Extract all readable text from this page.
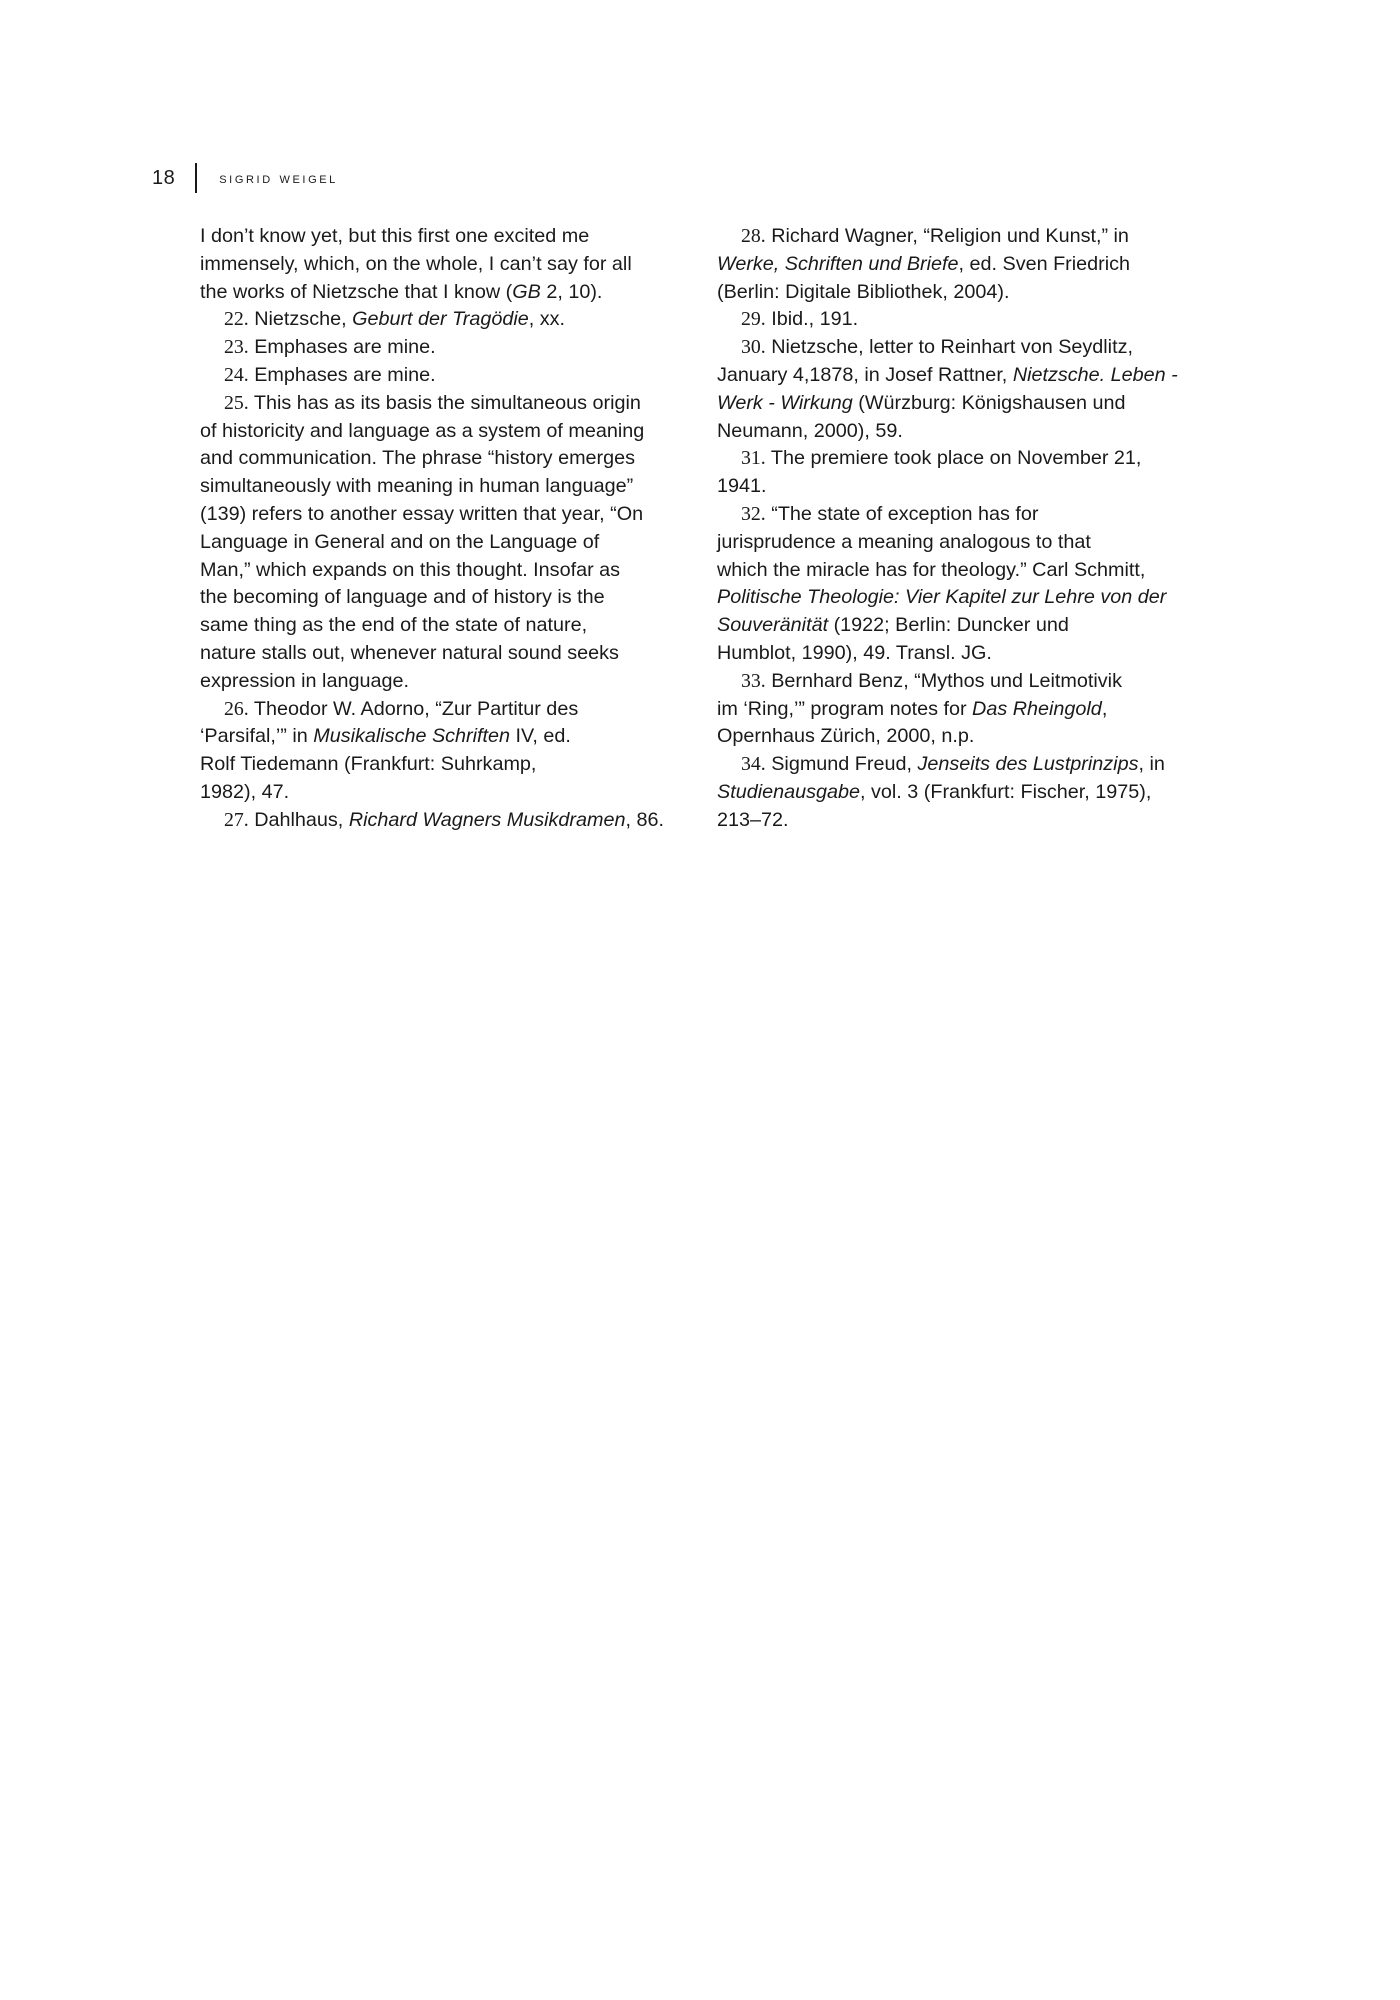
18	sigrid weigel

I don’t know yet, but this first one excited me

immensely, which, on the whole, I can’t say for all

the works of Nietzsche that I know (GB 2, 10).

22. Nietzsche, Geburt der Tragödie, xx.

23. Emphases are mine.

24. Emphases are mine.

25. This has as its basis the simultaneous origin

of historicity and language as a system of meaning

and communication. The phrase “history emerges

simultaneously with meaning in human language”

(139) refers to another essay written that year, “On

Language in General and on the Language of

Man,” which expands on this thought. Insofar as

the becoming of language and of history is the

same thing as the end of the state of nature,

nature stalls out, whenever natural sound seeks

expression in language.

26. Theodor W. Adorno, “Zur Partitur des

‘Parsifal,’” in Musikalische Schriften IV, ed.

Rolf Tiedemann (Frankfurt: Suhrkamp,

1982), 47.

27. Dahlhaus, Richard Wagners Musikdramen, 86.

28. Richard Wagner, “Religion und Kunst,” in

Werke, Schriften und Briefe, ed. Sven Friedrich

(Berlin: Digitale Bibliothek, 2004).

29. Ibid., 191.

30. Nietzsche, letter to Reinhart von Seydlitz,

January 4,1878, in Josef Rattner, Nietzsche. Leben -

Werk - Wirkung (Würzburg: Königshausen und

Neumann, 2000), 59.

31. The premiere took place on November 21,

1941.

32. “The state of exception has for

jurisprudence a meaning analogous to that

which the miracle has for theology.” Carl Schmitt,

Politische Theologie: Vier Kapitel zur Lehre von der

Souveränität (1922; Berlin: Duncker und

Humblot, 1990), 49. Transl. JG.

33. Bernhard Benz, “Mythos und Leitmotivik

im ‘Ring,’” program notes for Das Rheingold,

Opernhaus Zürich, 2000, n.p.

34. Sigmund Freud, Jenseits des Lustprinzips, in

Studienausgabe, vol. 3 (Frankfurt: Fischer, 1975),

213–72.
